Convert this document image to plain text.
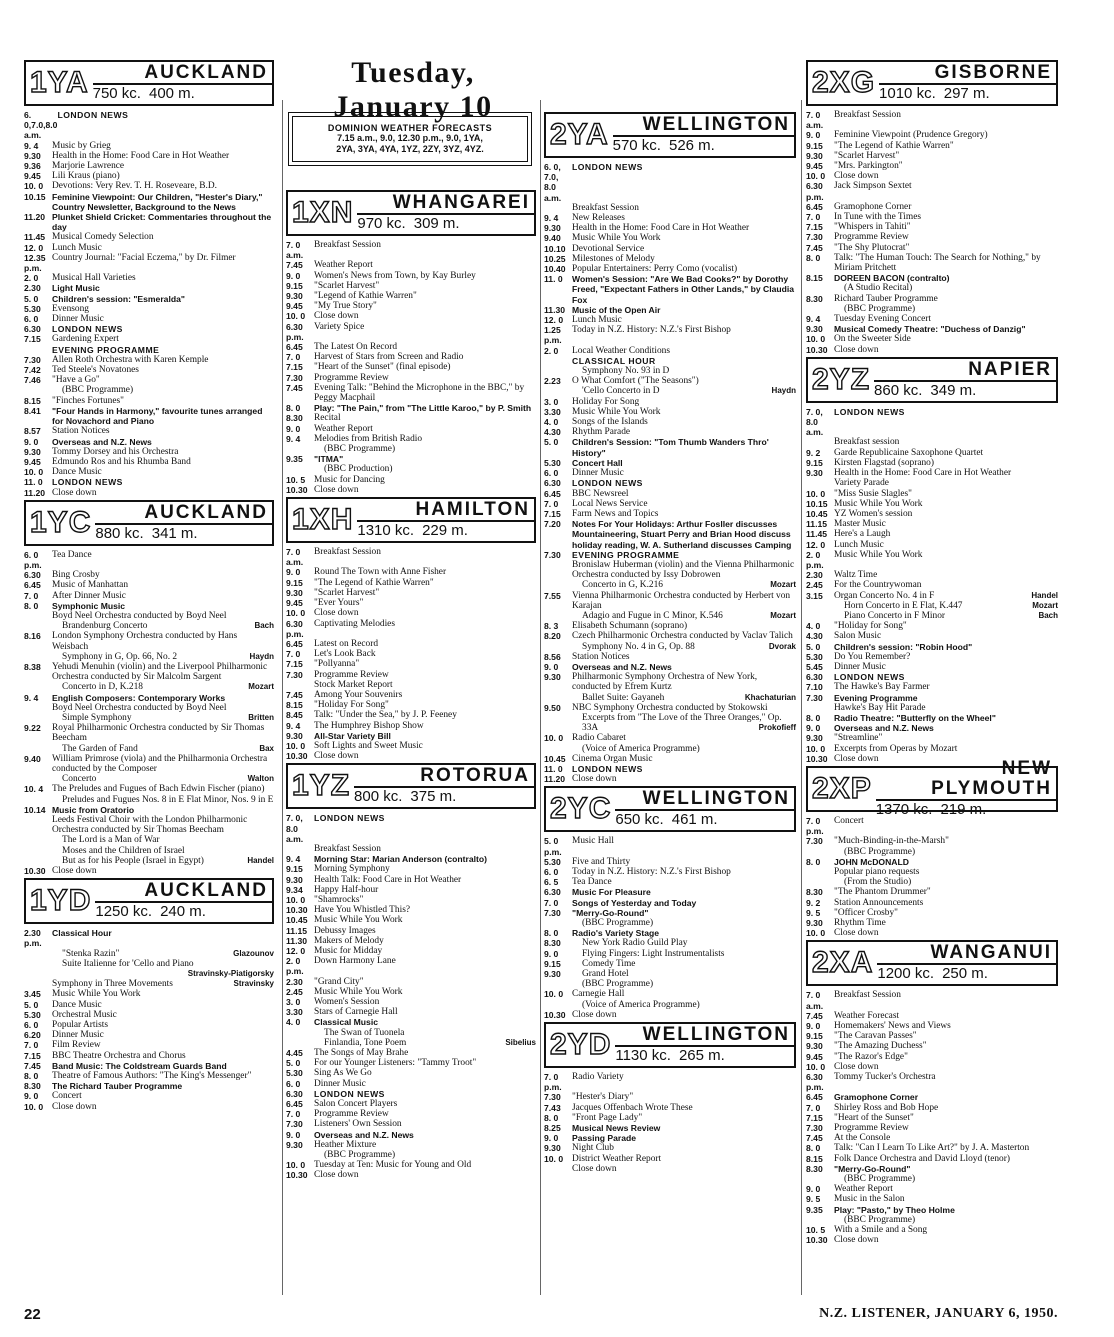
Tuesday, January 10
DOMINION WEATHER FORECASTS
7.15 a.m., 9.0, 12.30 p.m., 9.0, 1YA,
2YA, 3YA, 4YA, 1YZ, 2ZY, 3YZ, 4YZ.
1YA	AUCKLAND
750 kc. 400 m.
6. 0,7.0,8.0 a.m.
LONDON NEWS
9. 4	Music by Grieg
9.30	Health in the Home: Food Care in Hot Weather
9.36	Marjorie Lawrence
9.45	Lili Kraus (piano)
10. 0 Devotions: Very Rev. T. H. Roseveare, B.D.
10.15 Feminine Viewpoint: Our Children, "Hester's Diary," Country Newsletter, Background to the News
11.20 Plunket Shield Cricket: Commentaries throughout the day
11.45 Musical Comedy Selection
12. 0 Lunch Music
12.35 p.m.
Country Journal: "Facial Eczema," by Dr. Filmer
2. 0	Musical Hall Varieties
2.30	Light Music
5. 0	Children's session: "Esmeralda"
5.30	Evensong
6. 0	Dinner Music
6.30	LONDON NEWS
7.15	Gardening Expert
EVENING PROGRAMME
7.30	Allen Roth Orchestra with Karen Kemple
7.42	Ted Steele's Novatones
7.46	"Have a Go"
(BBC Programme)
8.15	"Finches Fortunes"
8.41	"Four Hands in Harmony," favourite tunes arranged for Novachord and Piano
8.57	Station Notices
9. 0	Overseas and N.Z. News
9.30	Tommy Dorsey and his Orchestra
9.45	Edmundo Ros and his Rhumba Band
10. 0 Dance Music
11. 0	LONDON NEWS
11.20 Close down
1YC	AUCKLAND
880 kc. 341 m.
6. 0 p.m.
Tea Dance
6.30	Bing Crosby
6.45	Music of Manhattan
7. 0	After Dinner Music
8. 0	Symphonic Music
Boyd Neel Orchestra conducted by Boyd Neel
Brandenburg Concerto	Bach
8.16	London Symphony Orchestra conducted by Hans Weisbach
Symphony in G, Op. 66, No. 2	Haydn
8.38	Yehudi Menuhin (violin) and the Liverpool Philharmonic Orchestra conducted by Sir Malcolm Sargent
Concerto in D, K.218	Mozart
9. 4	English Composers: Contemporary Works
Boyd Neel Orchestra conducted by Boyd Neel
Simple Symphony	Britten
9.22	Royal Philharmonic Orchestra conducted by Sir Thomas Beecham
The Garden of Fand	Bax
9.40	William Primrose (viola) and the Philharmonia Orchestra conducted by the Composer
Concerto	Walton
10. 4 The Preludes and Fugues of Bach Edwin Fischer (piano)
Preludes and Fugues Nos. 8 in E Flat Minor, Nos. 9 in E
10.14 Music from Oratorio
Leeds Festival Choir with the London Philharmonic Orchestra conducted by Sir Thomas Beecham
The Lord is a Man of War
Moses and the Children of Israel
But as for his People (Israel in Egypt)	Handel
10.30 Close down
1YD	AUCKLAND
1250 kc. 240 m.
2.30 p.m.
Classical Hour
"Stenka Razin"	Glazounov
Suite Italienne for 'Cello and Piano
Stravinsky-Piatigorsky
Symphony in Three Movements	Stravinsky
3.45	Music While You Work
5. 0	Dance Music
5.30	Orchestral Music
6. 0	Popular Artists
6.20	Dinner Music
7. 0	Film Review
7.15	BBC Theatre Orchestra and Chorus
7.45	Band Music: The Coldstream Guards Band
8. 0	Theatre of Famous Authors: "The King's Messenger"
8.30	The Richard Tauber Programme
9. 0	Concert
10. 0 Close down
1XN	WHANGAREI
970 kc. 309 m.
7. 0 a.m.
Breakfast Session
7.45	Weather Report
9. 0	Women's News from Town, by Kay Burley
9.15	"Scarlet Harvest"
9.30	"Legend of Kathie Warren"
9.45	"My True Story"
10. 0 Close down
6.30 p.m.
Variety Spice
6.45	The Latest On Record
7. 0	Harvest of Stars from Screen and Radio
7.15	"Heart of the Sunset" (final episode)
7.30	Programme Review
7.45	Evening Talk: "Behind the Microphone in the BBC," by Peggy Macphail
8. 0	Play: "The Pain," from "The Little Karoo," by P. Smith
8.30	Recital
9. 0	Weather Report
9. 4	Melodies from British Radio
(BBC Programme)
9.35	"ITMA"
(BBC Production)
10. 5 Music for Dancing
10.30 Close down
1XH	HAMILTON
1310 kc. 229 m.
7. 0 a.m.
Breakfast Session
9. 0	Round The Town with Anne Fisher
9.15	"The Legend of Kathie Warren"
9.30	"Scarlet Harvest"
9.45	"Ever Yours"
10. 0 Close down
6.30 p.m.
Captivating Melodies
6.45	Latest on Record
7. 0	Let's Look Back
7.15	"Pollyanna"
7.30	Programme Review
Stock Market Report
7.45	Among Your Souvenirs
8.15	"Holiday For Song"
8.45	Talk: "Under the Sea," by J. P. Feeney
9. 4	The Humphrey Bishop Show
9.30	All-Star Variety Bill
10. 0 Soft Lights and Sweet Music
10.30 Close down
1YZ	ROTORUA
800 kc. 375 m.
7. 0, 8.0 a.m.
LONDON NEWS
Breakfast Session
9. 4	Morning Star: Marian Anderson (contralto)
9.15	Morning Symphony
9.30	Health Talk: Food Care in Hot Weather
9.34	Happy Half-hour
10. 0 "Shamrocks"
10.30 Have You Whistled This?
10.45 Music While You Work
11.15 Debussy Images
11.30 Makers of Melody
12. 0 Music for Midday
2. 0 p.m.
Down Harmony Lane
2.30	"Grand City"
2.45	Music While You Work
3. 0	Women's Session
3.30	Stars of Carnegie Hall
4. 0	Classical Music
The Swan of Tuonela
Finlandia, Tone Poem	Sibelius
4.45	The Songs of May Brahe
5. 0	For our Younger Listeners: "Tammy Troot"
5.30	Sing As We Go
6. 0	Dinner Music
6.30	LONDON NEWS
6.45	Salon Concert Players
7. 0	Programme Review
7.30	Listeners' Own Session
9. 0	Overseas and N.Z. News
9.30	Heather Mixture
(BBC Programme)
10. 0 Tuesday at Ten: Music for Young and Old
10.30 Close down
2YA	WELLINGTON
570 kc. 526 m.
6. 0, 7.0, 8.0 a.m.
LONDON NEWS
Breakfast Session
9. 4	New Releases
9.30	Health in the Home: Food Care in Hot Weather
9.40	Music While You Work
10.10 Devotional Service
10.25 Milestones of Melody
10.40 Popular Entertainers: Perry Como (vocalist)
11. 0	Women's Session: "Are We Bad Cooks?" by Dorothy Freed, "Expectant Fathers in Other Lands," by Claudia Fox
11.30 Music of the Open Air
12. 0 Lunch Music
1.25 p.m.
Today in N.Z. History: N.Z.'s First Bishop
2. 0	Local Weather Conditions
CLASSICAL HOUR
Symphony No. 93 in D
2.23	O What Comfort ("The Seasons")
'Cello Concerto in D	Haydn
3. 0	Holiday For Song
3.30	Music While You Work
4. 0	Songs of the Islands
4.30	Rhythm Parade
5. 0	Children's Session: "Tom Thumb Wanders Thro' History"
5.30	Concert Hall
6. 0	Dinner Music
6.30	LONDON NEWS
6.45	BBC Newsreel
7. 0	Local News Service
7.15	Farm News and Topics
7.20	Notes For Your Holidays: Arthur Fosller discusses Mountaineering, Stuart Perry and Brian Hood discuss holiday reading, W. A. Sutherland discusses Camping
7.30	EVENING PROGRAMME
Bronislaw Huberman (violin) and the Vienna Philharmonic Orchestra conducted by Issy Dobrowen
Concerto in G, K.216	Mozart
7.55	Vienna Philharmonic Orchestra conducted by Herbert von Karajan
Adagio and Fugue in C Minor, K.546	Mozart
8. 3	Elisabeth Schumann (soprano)
8.20	Czech Philharmonic Orchestra conducted by Vaclav Talich
Symphony No. 4 in G, Op. 88	Dvorak
8.56	Station Notices
9. 0	Overseas and N.Z. News
9.30	Philharmonic Symphony Orchestra of New York, conducted by Efrem Kurtz
Ballet Suite: Gayaneh	Khachaturian
9.50	NBC Symphony Orchestra conducted by Stokowski
Excerpts from "The Love of the Three Oranges," Op. 33A	Prokofieff
10. 0 Radio Cabaret
(Voice of America Programme)
10.45 Cinema Organ Music
11. 0	LONDON NEWS
11.20 Close down
2YC	WELLINGTON
650 kc. 461 m.
5. 0 p.m.
Music Hall
5.30	Five and Thirty
6. 0	Today in N.Z. History: N.Z.'s First Bishop
6. 5	Tea Dance
6.30	Music For Pleasure
7. 0	Songs of Yesterday and Today
7.30	"Merry-Go-Round"
(BBC Programme)
8. 0	Radio's Variety Stage
8.30	New York Radio Guild Play
9. 0	Flying Fingers: Light Instrumentalists
9.15	Comedy Time
9.30	Grand Hotel
(BBC Programme)
10. 0 Carnegie Hall
(Voice of America Programme)
10.30 Close down
2YD	WELLINGTON
1130 kc. 265 m.
7. 0 p.m.
Radio Variety
7.30	"Hester's Diary"
7.43	Jacques Offenbach Wrote These
8. 0	"Front Page Lady"
8.25	Musical News Review
9. 0	Passing Parade
9.30	Night Club
10. 0 District Weather Report
Close down
2XG	GISBORNE
1010 kc. 297 m.
7. 0 a.m.
Breakfast Session
9. 0	Feminine Viewpoint (Prudence Gregory)
9.15	"The Legend of Kathie Warren"
9.30	"Scarlet Harvest"
9.45	"Mrs. Parkington"
10. 0 Close down
6.30 p.m.
Jack Simpson Sextet
6.45	Gramophone Corner
7. 0	In Tune with the Times
7.15	"Whispers in Tahiti"
7.30	Programme Review
7.45	"The Shy Plutocrat"
8. 0	Talk: "The Human Touch: The Search for Nothing," by Miriam Pritchett
8.15	DOREEN BACON (contralto)
(A Studio Recital)
8.30	Richard Tauber Programme
(BBC Programme)
9. 4	Tuesday Evening Concert
9.30	Musical Comedy Theatre: "Duchess of Danzig"
10. 0 On the Sweeter Side
10.30 Close down
2YZ	NAPIER
860 kc. 349 m.
7. 0, 8.0 a.m.
LONDON NEWS
Breakfast session
9. 2	Garde Republicaine Saxophone Quartet
9.15	Kirsten Flagstad (soprano)
9.30	Health in the Home: Food Care in Hot Weather
Variety Parade
10. 0 "Miss Susie Slagles"
10.15 Music While You Work
10.45 YZ Women's session
11.15 Master Music
11.45 Here's a Laugh
12. 0 Lunch Music
2. 0 p.m.
Music While You Work
2.30	Waltz Time
2.45	For the Countrywoman
3.15	Organ Concerto No. 4 in F	Handel
Horn Concerto in E Flat, K.447	Mozart
Piano Concerto in F Minor	Bach
4. 0	"Holiday for Song"
4.30	Salon Music
5. 0	Children's session: "Robin Hood"
5.30	Do You Remember?
5.45	Dinner Music
6.30	LONDON NEWS
7.10	The Hawke's Bay Farmer
7.30	Evening Programme
Hawke's Bay Hit Parade
8. 0	Radio Theatre: "Butterfly on the Wheel"
9. 0	Overseas and N.Z. News
9.30	"Streamline"
10. 0 Excerpts from Operas by Mozart
10.30 Close down
2XP
NEW PLYMOUTH
1370 kc. 219 m.
7. 0 p.m.
Concert
7.30	"Much-Binding-in-the-Marsh"
(BBC Programme)
8. 0	JOHN McDONALD
Popular piano requests
(From the Studio)
8.30	"The Phantom Drummer"
9. 2	Station Announcements
9. 5	"Officer Crosby"
9.30	Rhythm Time
10. 0 Close down
2XA	WANGANUI
1200 kc. 250 m.
7. 0 a.m.
Breakfast Session
7.45	Weather Forecast
9. 0	Homemakers' News and Views
9.15	"The Caravan Passes"
9.30	"The Amazing Duchess"
9.45	"The Razor's Edge"
10. 0 Close down
6.30 p.m.
Tommy Tucker's Orchestra
6.45	Gramophone Corner
7. 0	Shirley Ross and Bob Hope
7.15	"Heart of the Sunset"
7.30	Programme Review
7.45	At the Console
8. 0	Talk: "Can I Learn To Like Art?" by J. A. Masterton
8.15	Folk Dance Orchestra and David Lloyd (tenor)
8.30	"Merry-Go-Round"
(BBC Programme)
9. 0	Weather Report
9. 5	Music in the Salon
9.35	Play: "Pasto," by Theo Holme
(BBC Programme)
10. 5 With a Smile and a Song
10.30 Close down
22	N.Z. LISTENER, JANUARY 6, 1950.
